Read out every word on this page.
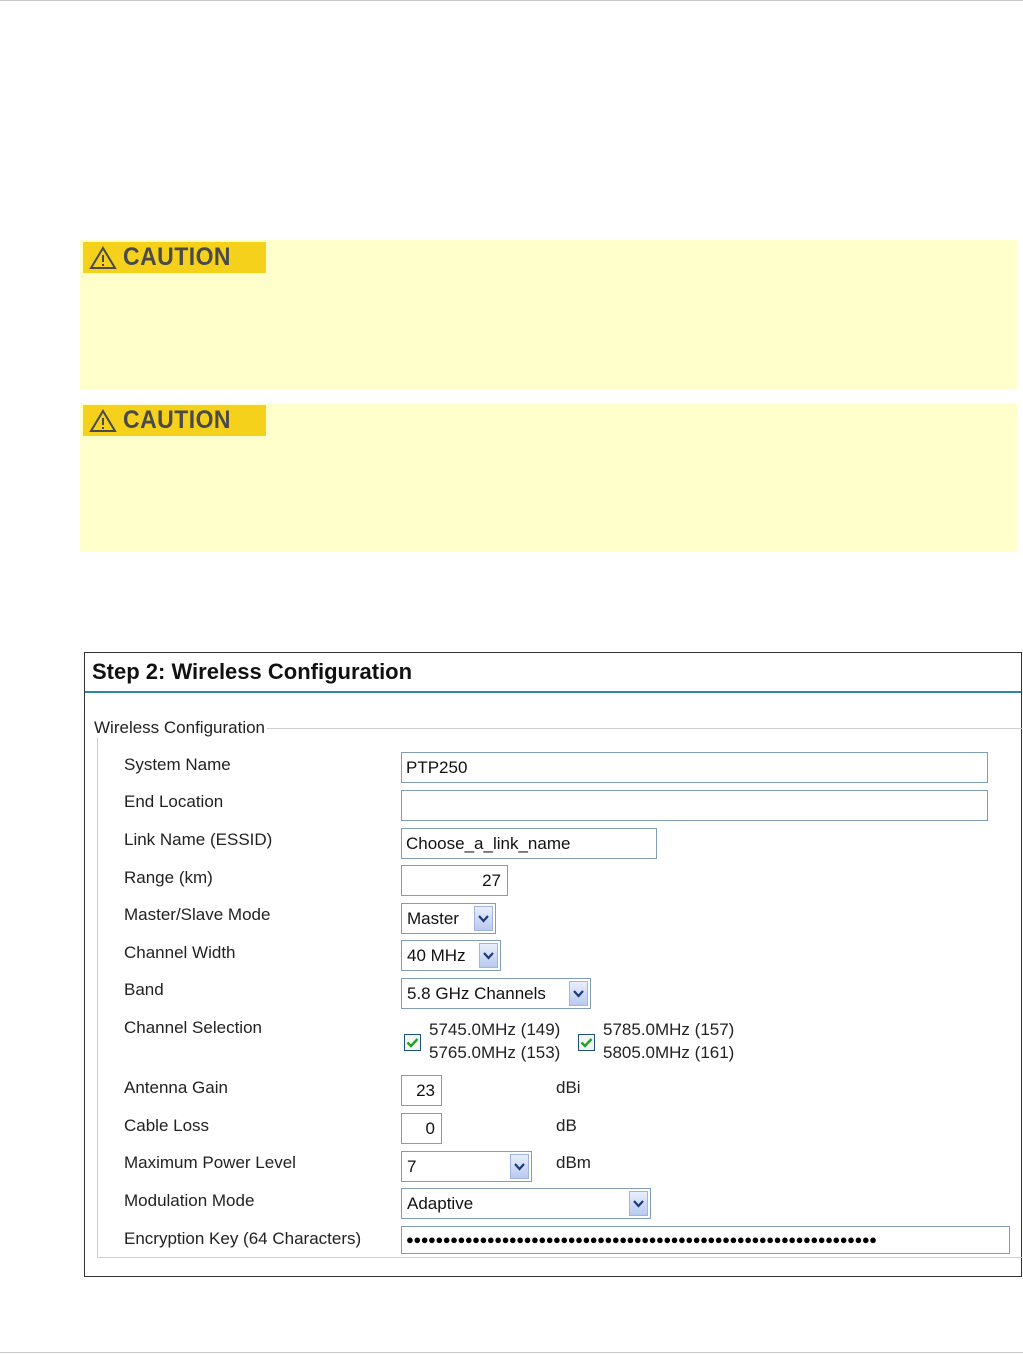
CAUTION
CAUTION
Step 2: Wireless Configuration
Wireless Configuration
System Name	PTP250
End Location
Link Name (ESSID)	Choose_a_link_name
Range (km)	27
Master/Slave Mode	Master
Channel Width	40 MHz
Band	5.8 GHz Channels
Channel Selection	5745.0MHz (149)
5765.0MHz (153)
5785.0MHz (157)
5805.0MHz (161)
Antenna Gain	23	dBi
Cable Loss	0	dB
Maximum Power Level	7	dBm
Modulation Mode	Adaptive
Encryption Key (64 Characters)	●●●●●●●●●●●●●●●●●●●●●●●●●●●●●●●●●●●●●●●●●●●●●●●●●●●●●●●●●●●●●●●●
